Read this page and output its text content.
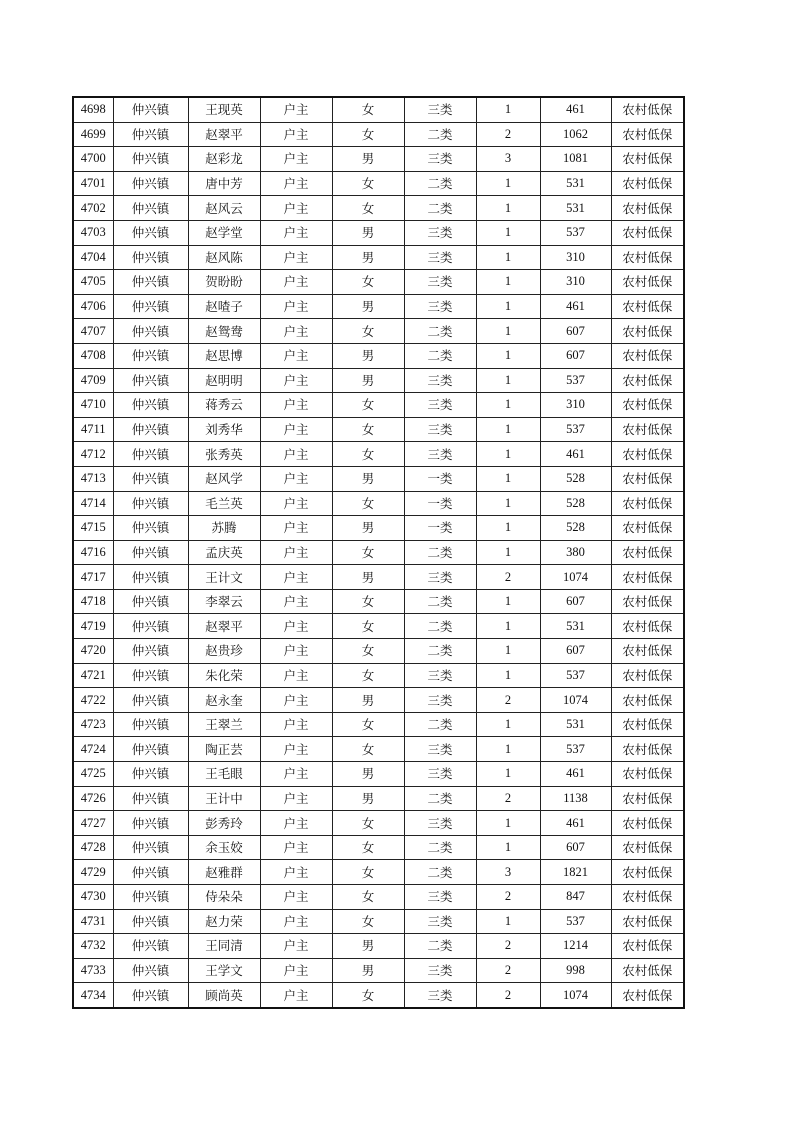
4698	仲兴镇	王现英	户主	女	三类	1	461	农村低保
4699	仲兴镇	赵翠平	户主	女	二类	2	1062	农村低保
4700	仲兴镇	赵彩龙	户主	男	三类	3	1081	农村低保
4701	仲兴镇	唐中芳	户主	女	二类	1	531	农村低保
4702	仲兴镇	赵风云	户主	女	二类	1	531	农村低保
4703	仲兴镇	赵学堂	户主	男	三类	1	537	农村低保
4704	仲兴镇	赵风陈	户主	男	三类	1	310	农村低保
4705	仲兴镇	贺盼盼	户主	女	三类	1	310	农村低保
4706	仲兴镇	赵喳子	户主	男	三类	1	461	农村低保
4707	仲兴镇	赵鸳鸯	户主	女	二类	1	607	农村低保
4708	仲兴镇	赵思博	户主	男	二类	1	607	农村低保
4709	仲兴镇	赵明明	户主	男	三类	1	537	农村低保
4710	仲兴镇	蒋秀云	户主	女	三类	1	310	农村低保
4711	仲兴镇	刘秀华	户主	女	三类	1	537	农村低保
4712	仲兴镇	张秀英	户主	女	三类	1	461	农村低保
4713	仲兴镇	赵风学	户主	男	一类	1	528	农村低保
4714	仲兴镇	毛兰英	户主	女	一类	1	528	农村低保
4715	仲兴镇	苏腾	户主	男	一类	1	528	农村低保
4716	仲兴镇	孟庆英	户主	女	二类	1	380	农村低保
4717	仲兴镇	王计文	户主	男	三类	2	1074	农村低保
4718	仲兴镇	李翠云	户主	女	二类	1	607	农村低保
4719	仲兴镇	赵翠平	户主	女	二类	1	531	农村低保
4720	仲兴镇	赵贵珍	户主	女	二类	1	607	农村低保
4721	仲兴镇	朱化荣	户主	女	三类	1	537	农村低保
4722	仲兴镇	赵永奎	户主	男	三类	2	1074	农村低保
4723	仲兴镇	王翠兰	户主	女	二类	1	531	农村低保
4724	仲兴镇	陶正芸	户主	女	三类	1	537	农村低保
4725	仲兴镇	王毛眼	户主	男	三类	1	461	农村低保
4726	仲兴镇	王计中	户主	男	二类	2	1138	农村低保
4727	仲兴镇	彭秀玲	户主	女	三类	1	461	农村低保
4728	仲兴镇	余玉姣	户主	女	二类	1	607	农村低保
4729	仲兴镇	赵雅群	户主	女	二类	3	1821	农村低保
4730	仲兴镇	侍朵朵	户主	女	三类	2	847	农村低保
4731	仲兴镇	赵力荣	户主	女	三类	1	537	农村低保
4732	仲兴镇	王同清	户主	男	二类	2	1214	农村低保
4733	仲兴镇	王学文	户主	男	三类	2	998	农村低保
4734	仲兴镇	顾尚英	户主	女	三类	2	1074	农村低保
